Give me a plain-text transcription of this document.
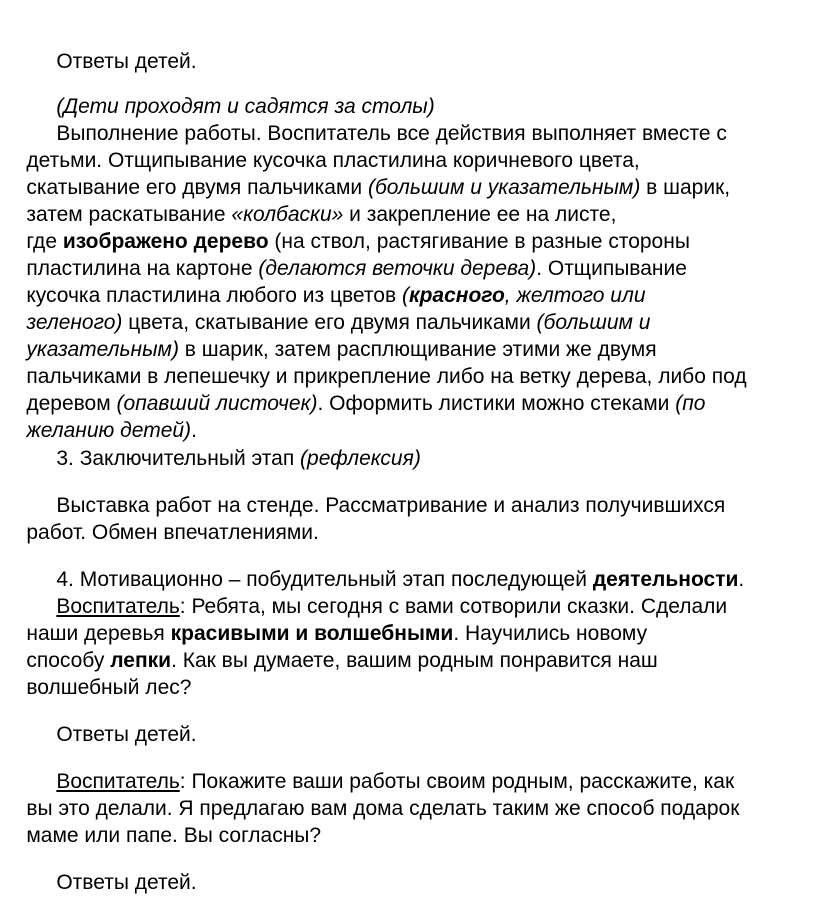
Ответы детей.

(Дети проходят и садятся за столы)

Выполнение работы. Воспитатель все действия выполняет вместе с

детьми. Отщипывание кусочка пластилина коричневого цвета,

скатывание его двумя пальчиками (большим и указательным) в шарик,

затем раскатывание «колбаски» и закрепление ее на листе,

где изображено дерево (на ствол, растягивание в разные стороны

пластилина на картоне (делаются веточки дерева). Отщипывание

кусочка пластилина любого из цветов (красного, желтого или

зеленого) цвета, скатывание его двумя пальчиками (большим и

указательным) в шарик, затем расплющивание этими же двумя

пальчиками в лепешечку и прикрепление либо на ветку дерева, либо под

деревом (опавший листочек). Оформить листики можно стеками (по

желанию детей).

3. Заключительный этап (рефлексия)

Выставка работ на стенде. Рассматривание и анализ получившихся

работ. Обмен впечатлениями.

4. Мотивационно – побудительный этап последующей деятельности.

Воспитатель: Ребята, мы сегодня с вами сотворили сказки. Сделали

наши деревья красивыми и волшебными. Научились новому

способу лепки. Как вы думаете, вашим родным понравится наш

волшебный лес?

Ответы детей.

Воспитатель: Покажите ваши работы своим родным, расскажите, как

вы это делали. Я предлагаю вам дома сделать таким же способ подарок

маме или папе. Вы согласны?

Ответы детей.
